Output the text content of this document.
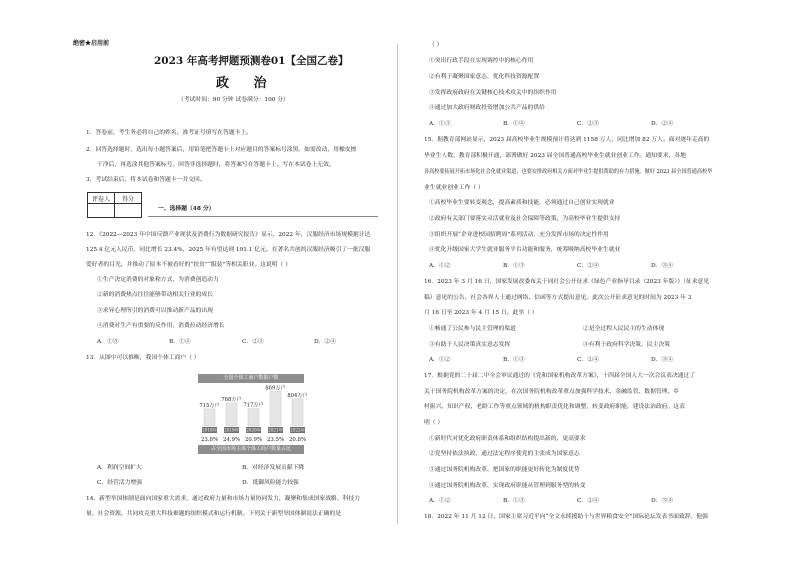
绝密★启用前
2023 年高考押题预测卷01【全国乙卷】
政 治
（考试时间：90 分钟 试卷满分：100 分）
1．答卷前，考生务必将自己的姓名、准考证号填写在答题卡上。
2．回答选择题时，选出每小题答案后，用铅笔把答题卡上对应题目的答案标号涂黑。如需改动，用橡皮擦
干净后，再选涂其他答案标号。回答非选择题时，将答案写在答题卡上。写在本试卷上无效。
3．考试结束后，将本试卷和答题卡一并交回。
评卷人	得分

一、选择题（48 分）
12．《2022—2023 年中国反馈产业现状及消费行为数据研究报告》显示，2022 年，汉服经济市场规模据计达
125.4 亿元人民币，同比增长 23.4%，2025 年有望达到 191.1 亿元。在著名共创的汉服经济吸引了一批汉服
爱好者的目光，并推动了原本不被看好的“扶贫”“服装”等相关职业。这说明（ ）
①生产决定消费的对象和方式，为消费创造动力
②新的消费热点往往能够带动相关行业的成长
③求异心理所引的消费可以推动新产品的出现
④消费对生产有重要的反作用，消费拉动经济增长
A．①③	B．①④	C．②③	D．②④
13．从图中可以推断，我国个体工商户（ ）
全国个体工商户数据户数
715万户
2018年
23.8%
768万户
2019年
24.9%
717万户
2020年
20.9%
869万户
2021年
23.5%
804万户
2022年
20.8%
占全国市场主体个体工商户数量占比
A．利润空间扩大	B．对经济发展贡献下降
C．经营活力增强	D．抵御风险能力较强
14．新型举国体制是面向国家重大需求，通过政府力量和市场力量协同发力，凝聚和集成国家战略、科技力
量、社会资源，共同攻克重大科技难题的组织模式和运行机制。下列关于新型举国体制说法正确的是
（ ）
①突出行政手段在实现调控中的核心作用
②有利于凝聚国家意志，优化科技资源配置
③发挥政府政府在关键核心技术攻关中的组织作用
④通过加大政府财政投资增加公共产品的供给
A．①③	B．①④	C．②③	D．②④
15．据教育部网站显示，2023 届高校毕业生规模预计将达到 1158 万人，同比增加 82 万人。面对逐年走高的
毕业生人数，教育部积极开通，部署做好 2023 届全国普通高校毕业生就业创业工作。通知要求，各地
各高校要拓展开拓市场化社会化就业渠道，也要安排政府相关方面对毕业生提供帮助的有力措施。做好 2023 届全国普通高校毕
业生就业创业工作（ ）
①高校毕业生要转变观念，提高素质和技能，必须通过自己创业实现就业
②政府有关部门要落实灵活就业及社会保障等政策，为高校毕业生提供支持
③组织开展“企业进校园招聘周”系列活动，充分发挥市场的决定性作用
④优化升级国家大学生就业服务平台功能和服务，统筹吸纳高校毕业生就业
A．①②	B．①③	C．②④	D．③④
16．2023 年 3 月 16 日，国家发展改委布关于同社会公开征求《绿色产业指导目录（2023 年版）》（征求意见
稿）意见的公告。社会各界人士通过网络、信函等方式提出意见。此次公开征求意见的时间为 2023 年 3
月 16 日至 2023 年 4 月 15 日。此举（ ）
①畅通了公民参与民主管理的渠道	②是全过程人民民主的生动体现
③有助于人民决策真实意志发挥	④有利于政府科学决策、民主决策
A．①②	B．①③	C．②④	D．③④
17．根据党的二十届二中全会审议通过的《党和国家机构改革方案》，十四届全国人大一次会议表决通过了
关于国务院机构改革方案的决定。在次国务院机构改革重点加强科学技术、金融监管、数据管理、乡
村振兴、知识产权、老龄工作等重点领域的机构职责优化和调整，转变政府职能，建设法治政府。这表
明（ ）
①新时代对优化政府职责体系和组织结构提出新的、更高要求
②党坚持依法执政，通过法定程序使党的主张成为国家意志
③通过国务院机构改革，把国家的职能更好转化为制度优势
④通过国务院机构改革，实现政府职能从管理到服务型的转变
A．①②	B．①③	C．②④	D．③④
18．2022 年 11 月 12 日，国家主席习近平向“全文永续援助十与世界粮食安全”国际论坛发表书面致辞。他强
